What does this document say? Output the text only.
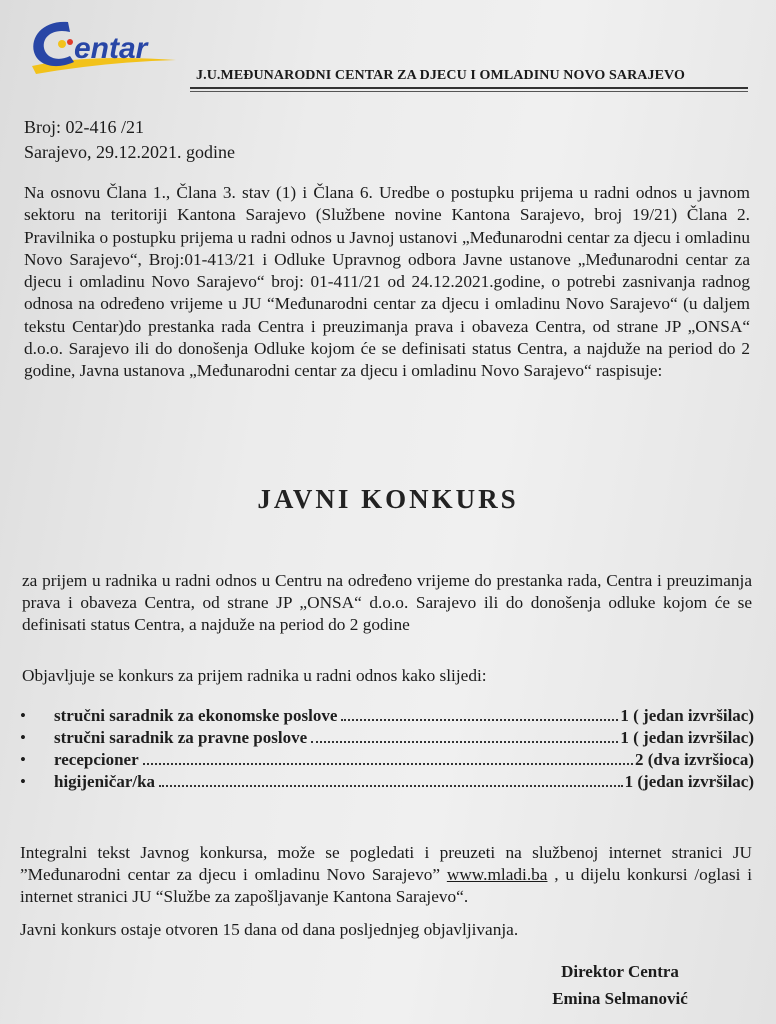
entar
J.U.MEĐUNARODNI CENTAR ZA DJECU I OMLADINU NOVO SARAJEVO
Broj: 02-416 /21
Sarajevo, 29.12.2021. godine
Na osnovu Člana 1., Člana 3. stav (1) i Člana 6. Uredbe o postupku prijema u radni odnos u javnom sektoru na teritoriji Kantona Sarajevo (Službene novine Kantona Sarajevo, broj 19/21) Člana 2. Pravilnika o postupku prijema u radni odnos u Javnoj ustanovi „Međunarodni centar za djecu i omladinu Novo Sarajevo“, Broj:01-413/21 i Odluke Upravnog odbora Javne ustanove „Međunarodni centar za djecu i omladinu Novo Sarajevo“ broj: 01-411/21 od 24.12.2021.godine, o potrebi zasnivanja radnog odnosa na određeno vrijeme u JU “Međunarodni centar za djecu i omladinu Novo Sarajevo“ (u daljem tekstu Centar)do prestanka rada Centra i preuzimanja prava i obaveza Centra, od strane JP „ONSA“ d.o.o. Sarajevo ili do donošenja Odluke kojom će se definisati status Centra, a najduže na period do 2 godine, Javna ustanova „Međunarodni centar za djecu i omladinu Novo Sarajevo“ raspisuje:
JAVNI KONKURS
za prijem u radnika u radni odnos u Centru na određeno vrijeme do prestanka rada, Centra i preuzimanja prava i obaveza Centra, od strane JP „ONSA“ d.o.o. Sarajevo ili do donošenja odluke kojom će se definisati status Centra, a najduže na period do 2 godine
Objavljuje se konkurs za prijem radnika u radni odnos kako slijedi:
•	stručni saradnik za ekonomske poslove	1 ( jedan izvršilac)
•	stručni saradnik za pravne poslove	1 ( jedan izvršilac)
•	recepcioner	2 (dva izvršioca)
•	higijeničar/ka	1 (jedan izvršilac)
Integralni tekst Javnog konkursa, može se pogledati i preuzeti na službenoj internet stranici JU ”Međunarodni centar za djecu i omladinu Novo Sarajevo” www.mladi.ba , u dijelu konkursi /oglasi i internet stranici JU “Službe za zapošljavanje Kantona Sarajevo“.
Javni konkurs ostaje otvoren 15 dana od dana posljednjeg objavljivanja.
Direktor Centra
Emina Selmanović
